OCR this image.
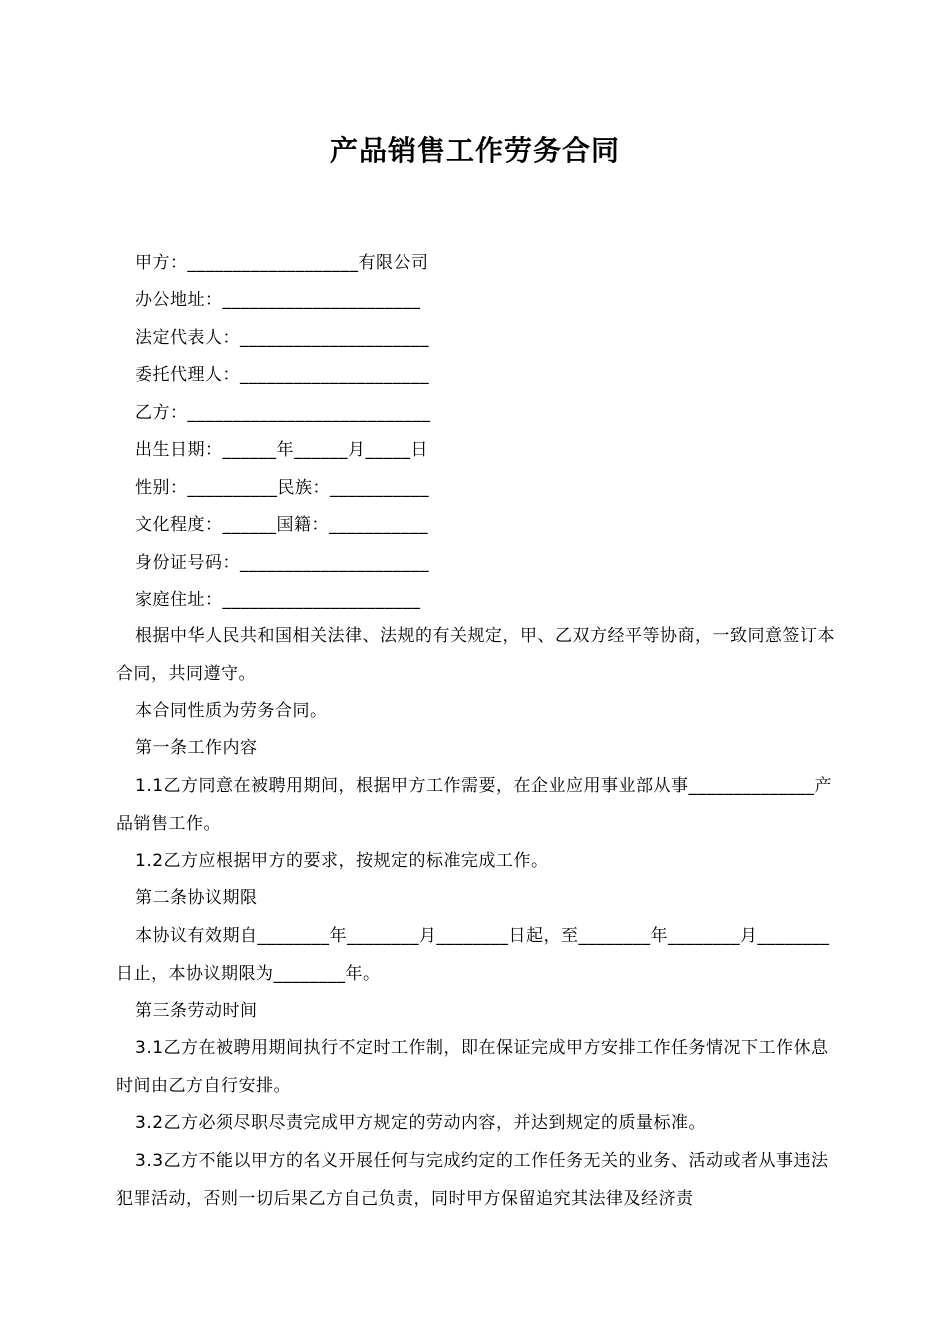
产品销售工作劳务合同
甲方：___________________有限公司
办公地址：______________________
法定代表人：_____________________
委托代理人：_____________________
乙方：___________________________
出生日期：______年______月_____日
性别：__________民族：___________
文化程度：______国籍：___________
身份证号码：_____________________
家庭住址：______________________

根据中华人民共和国相关法律、法规的有关规定，甲、乙双方经平等协商，一致同意签订本合同，共同遵守。

本合同性质为劳务合同。

第一条工作内容

1.1乙方同意在被聘用期间，根据甲方工作需要，在企业应用事业部从事______________产品销售工作。

1.2乙方应根据甲方的要求，按规定的标准完成工作。

第二条协议期限

本协议有效期自________年________月________日起，至________年________月________日止，本协议期限为________年。

第三条劳动时间

3.1乙方在被聘用期间执行不定时工作制，即在保证完成甲方安排工作任务情况下工作休息时间由乙方自行安排。

3.2乙方必须尽职尽责完成甲方规定的劳动内容，并达到规定的质量标准。

3.3乙方不能以甲方的名义开展任何与完成约定的工作任务无关的业务、活动或者从事违法犯罪活动，否则一切后果乙方自己负责，同时甲方保留追究其法律及经济责
